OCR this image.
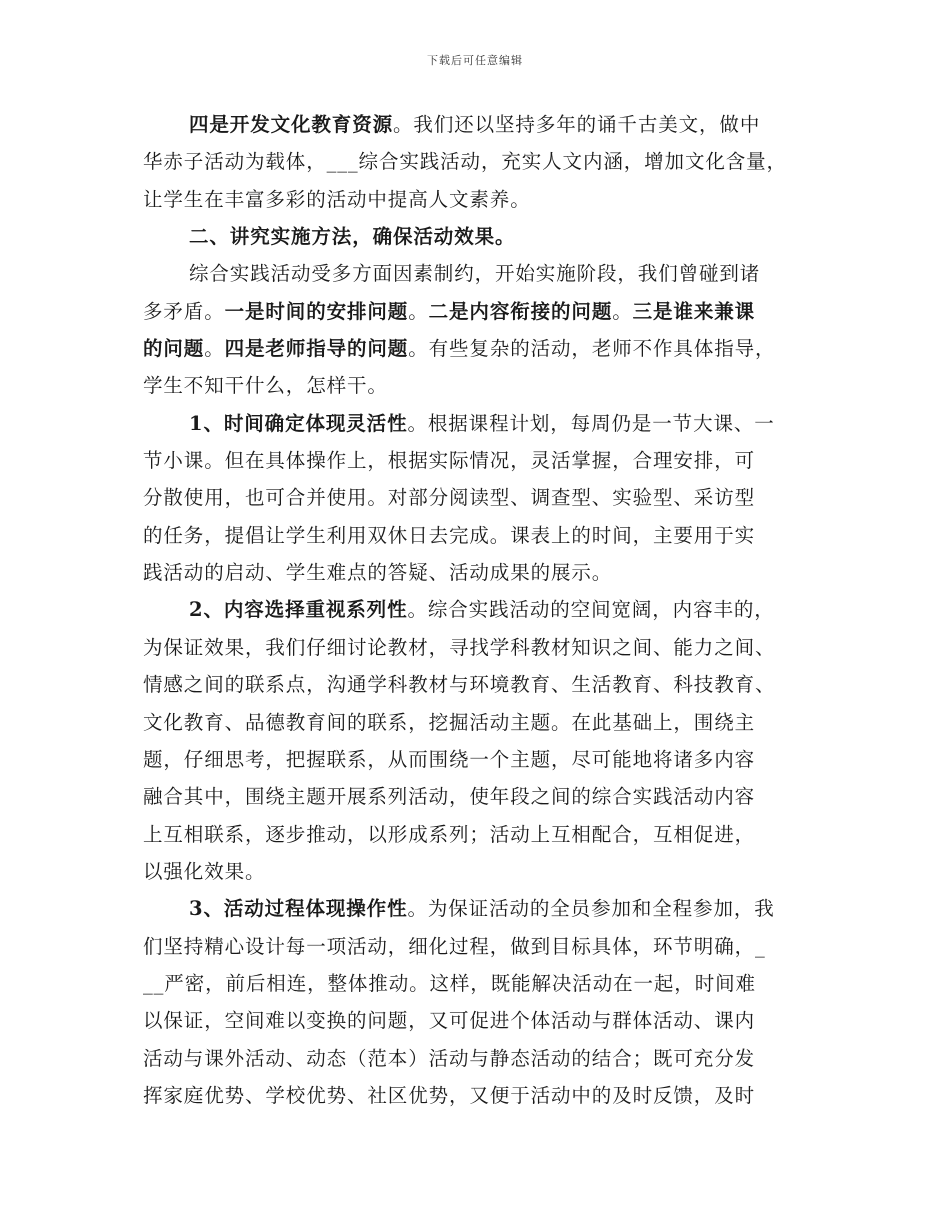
下载后可任意编辑
四是开发文化教育资源。我们还以坚持多年的诵千古美文，做中
华赤子活动为载体，___综合实践活动，充实人文内涵，增加文化含量，
让学生在丰富多彩的活动中提高人文素养。
二、讲究实施方法，确保活动效果。
综合实践活动受多方面因素制约，开始实施阶段，我们曾碰到诸
多矛盾。一是时间的安排问题。二是内容衔接的问题。三是谁来兼课
的问题。四是老师指导的问题。有些复杂的活动，老师不作具体指导，
学生不知干什么，怎样干。
1、时间确定体现灵活性。根据课程计划，每周仍是一节大课、一
节小课。但在具体操作上，根据实际情况，灵活掌握，合理安排，可
分散使用，也可合并使用。对部分阅读型、调查型、实验型、采访型
的任务，提倡让学生利用双休日去完成。课表上的时间，主要用于实
践活动的启动、学生难点的答疑、活动成果的展示。
2、内容选择重视系列性。综合实践活动的空间宽阔，内容丰的，
为保证效果，我们仔细讨论教材，寻找学科教材知识之间、能力之间、
情感之间的联系点，沟通学科教材与环境教育、生活教育、科技教育、
文化教育、品德教育间的联系，挖掘活动主题。在此基础上，围绕主
题，仔细思考，把握联系，从而围绕一个主题，尽可能地将诸多内容
融合其中，围绕主题开展系列活动，使年段之间的综合实践活动内容
上互相联系，逐步推动，以形成系列；活动上互相配合，互相促进，
以强化效果。
3、活动过程体现操作性。为保证活动的全员参加和全程参加，我
们坚持精心设计每一项活动，细化过程，做到目标具体，环节明确，_
__严密，前后相连，整体推动。这样，既能解决活动在一起，时间难
以保证，空间难以变换的问题，又可促进个体活动与群体活动、课内
活动与课外活动、动态（范本）活动与静态活动的结合；既可充分发
挥家庭优势、学校优势、社区优势，又便于活动中的及时反馈，及时
